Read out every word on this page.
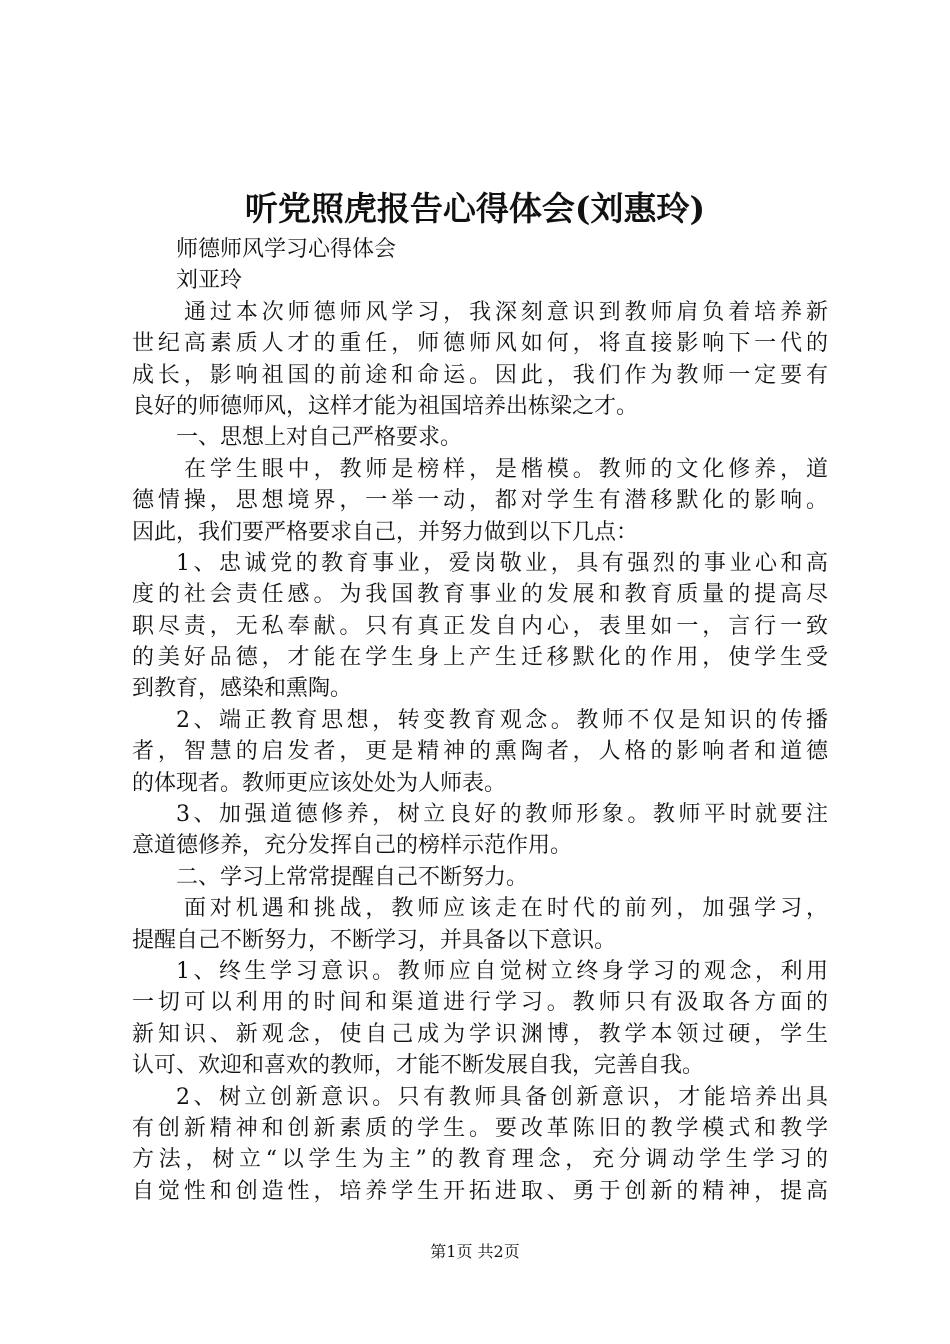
听党照虎报告心得体会(刘惠玲)
师德师风学习心得体会
刘亚玲
通过本次师德师风学习，我深刻意识到教师肩负着培养新
世纪高素质人才的重任，师德师风如何，将直接影响下一代的
成长，影响祖国的前途和命运。因此，我们作为教师一定要有
良好的师德师风，这样才能为祖国培养出栋梁之才。
一、思想上对自己严格要求。
在学生眼中，教师是榜样，是楷模。教师的文化修养，道
德情操，思想境界，一举一动，都对学生有潜移默化的影响。
因此，我们要严格要求自己，并努力做到以下几点：
1、忠诚党的教育事业，爱岗敬业，具有强烈的事业心和高
度的社会责任感。为我国教育事业的发展和教育质量的提高尽
职尽责，无私奉献。只有真正发自内心，表里如一，言行一致
的美好品德，才能在学生身上产生迁移默化的作用，使学生受
到教育，感染和熏陶。
2、端正教育思想，转变教育观念。教师不仅是知识的传播
者，智慧的启发者，更是精神的熏陶者，人格的影响者和道德
的体现者。教师更应该处处为人师表。
3、加强道德修养，树立良好的教师形象。教师平时就要注
意道德修养，充分发挥自己的榜样示范作用。
二、学习上常常提醒自己不断努力。
面对机遇和挑战，教师应该走在时代的前列，加强学习，
提醒自己不断努力，不断学习，并具备以下意识。
1、终生学习意识。教师应自觉树立终身学习的观念，利用
一切可以利用的时间和渠道进行学习。教师只有汲取各方面的
新知识、新观念，使自己成为学识渊博，教学本领过硬，学生
认可、欢迎和喜欢的教师，才能不断发展自我，完善自我。
2、树立创新意识。只有教师具备创新意识，才能培养出具
有创新精神和创新素质的学生。要改革陈旧的教学模式和教学
方法，树立“以学生为主”的教育理念，充分调动学生学习的
自觉性和创造性，培养学生开拓进取、勇于创新的精神，提高
第1页 共2页
